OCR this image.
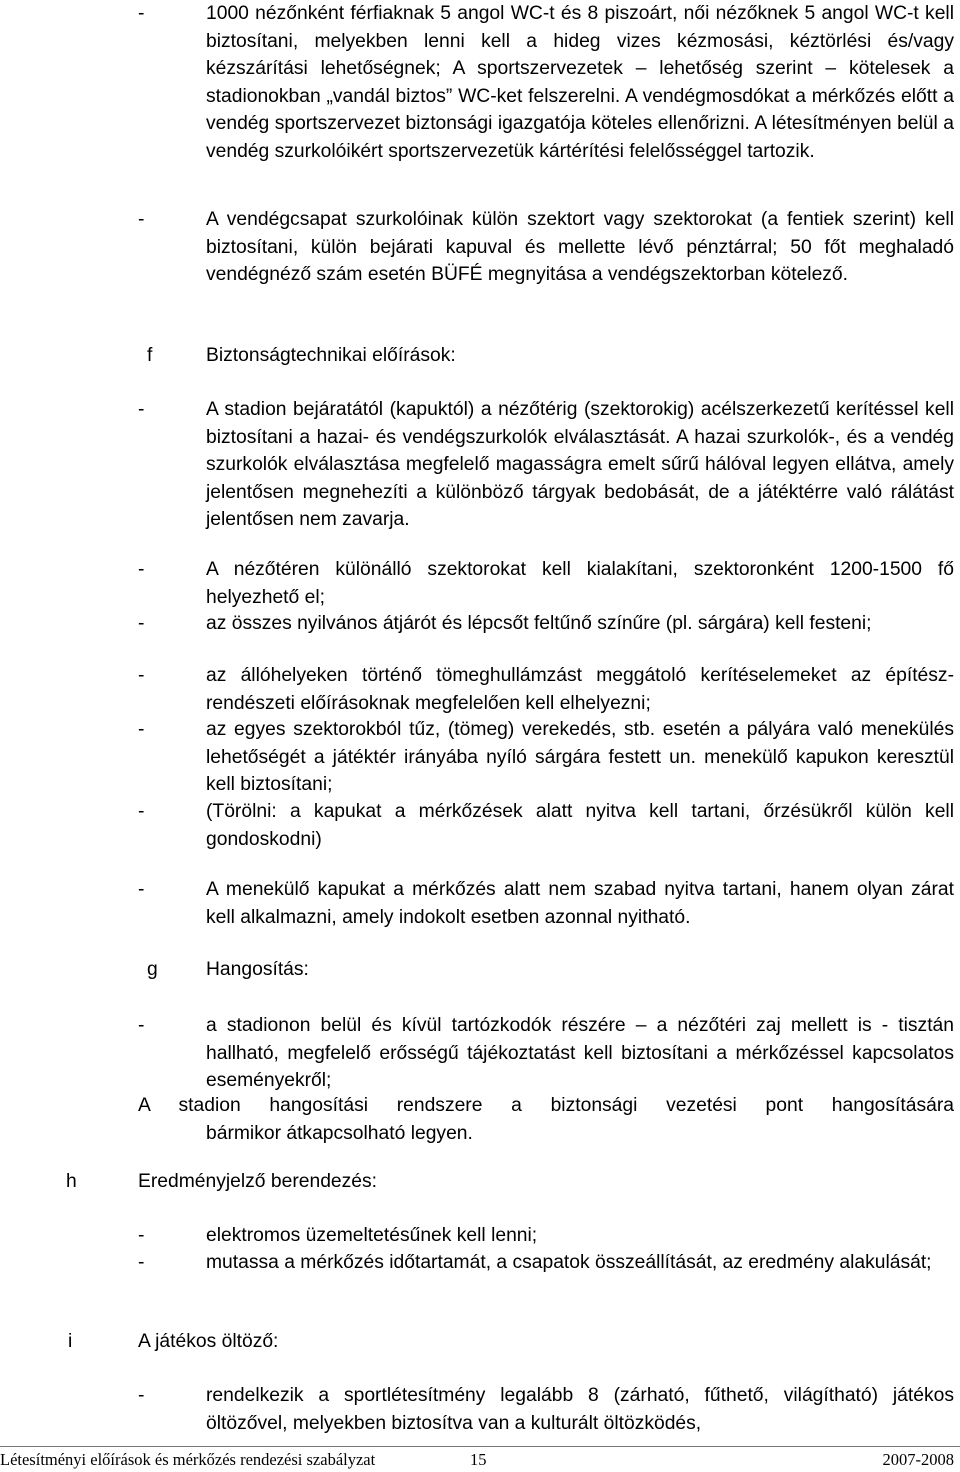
-	1000 nézőnként férfiaknak 5 angol WC-t és 8 piszoárt, női nézőknek 5 angol WC-t kell biztosítani, melyekben lenni kell a hideg vizes kézmosási, kéztörlési és/vagy kézszárítási lehetőségnek; A sportszervezetek – lehetőség szerint – kötelesek a stadionokban „vandál biztos” WC-ket felszerelni. A vendégmosdókat a mérkőzés előtt a vendég sportszervezet biztonsági igazgatója köteles ellenőrizni. A létesítményen belül a vendég szurkolóikért sportszervezetük kártérítési felelősséggel tartozik.
-	A vendégcsapat szurkolóinak külön szektort vagy szektorokat (a fentiek szerint) kell biztosítani, külön bejárati kapuval és mellette lévő pénztárral; 50 főt meghaladó vendégnéző szám esetén BÜFÉ megnyitása a vendégszektorban kötelező.
f	Biztonságtechnikai előírások:
-	A stadion bejáratától (kapuktól) a nézőtérig (szektorokig) acélszerkezetű kerítéssel kell biztosítani a hazai- és vendégszurkolók elválasztását. A hazai szurkolók-, és a vendég szurkolók elválasztása megfelelő magasságra emelt sűrű hálóval legyen ellátva, amely jelentősen megnehezíti a különböző tárgyak bedobását, de a játéktérre való rálátást jelentősen nem zavarja.
-	A nézőtéren különálló szektorokat kell kialakítani, szektoronként 1200-1500 fő helyezhető el;
-	az összes nyilvános átjárót és lépcsőt feltűnő színűre (pl. sárgára) kell festeni;
-	az állóhelyeken történő tömeghullámzást meggátoló kerítéselemeket az építész-rendészeti előírásoknak megfelelően kell elhelyezni;
-	az egyes szektorokból tűz, (tömeg) verekedés, stb. esetén a pályára való menekülés lehetőségét a játéktér irányába nyíló sárgára festett un. menekülő kapukon keresztül kell biztosítani;
-	(Törölni: a kapukat a mérkőzések alatt nyitva kell tartani, őrzésükről külön kell gondoskodni)
-	A menekülő kapukat a mérkőzés alatt nem szabad nyitva tartani, hanem olyan zárat kell alkalmazni, amely indokolt esetben azonnal nyitható.
g	Hangosítás:
-	a stadionon belül és kívül tartózkodók részére – a nézőtéri zaj mellett is - tisztán hallható, megfelelő erősségű tájékoztatást kell biztosítani a mérkőzéssel kapcsolatos eseményekről;
A stadion hangosítási rendszere a biztonsági vezetési pont hangosítására
bármikor átkapcsolható legyen.
h	Eredményjelző berendezés:
-	elektromos üzemeltetésűnek kell lenni;
-	mutassa a mérkőzés időtartamát, a csapatok összeállítását, az eredmény alakulását;
i	A játékos öltöző:
-	rendelkezik a sportlétesítmény legalább 8 (zárható, fűthető, világítható) játékos öltözővel, melyekben biztosítva van a kulturált öltözködés,
Létesítményi előírások és mérkőzés rendezési szabályzat	15	2007-2008
